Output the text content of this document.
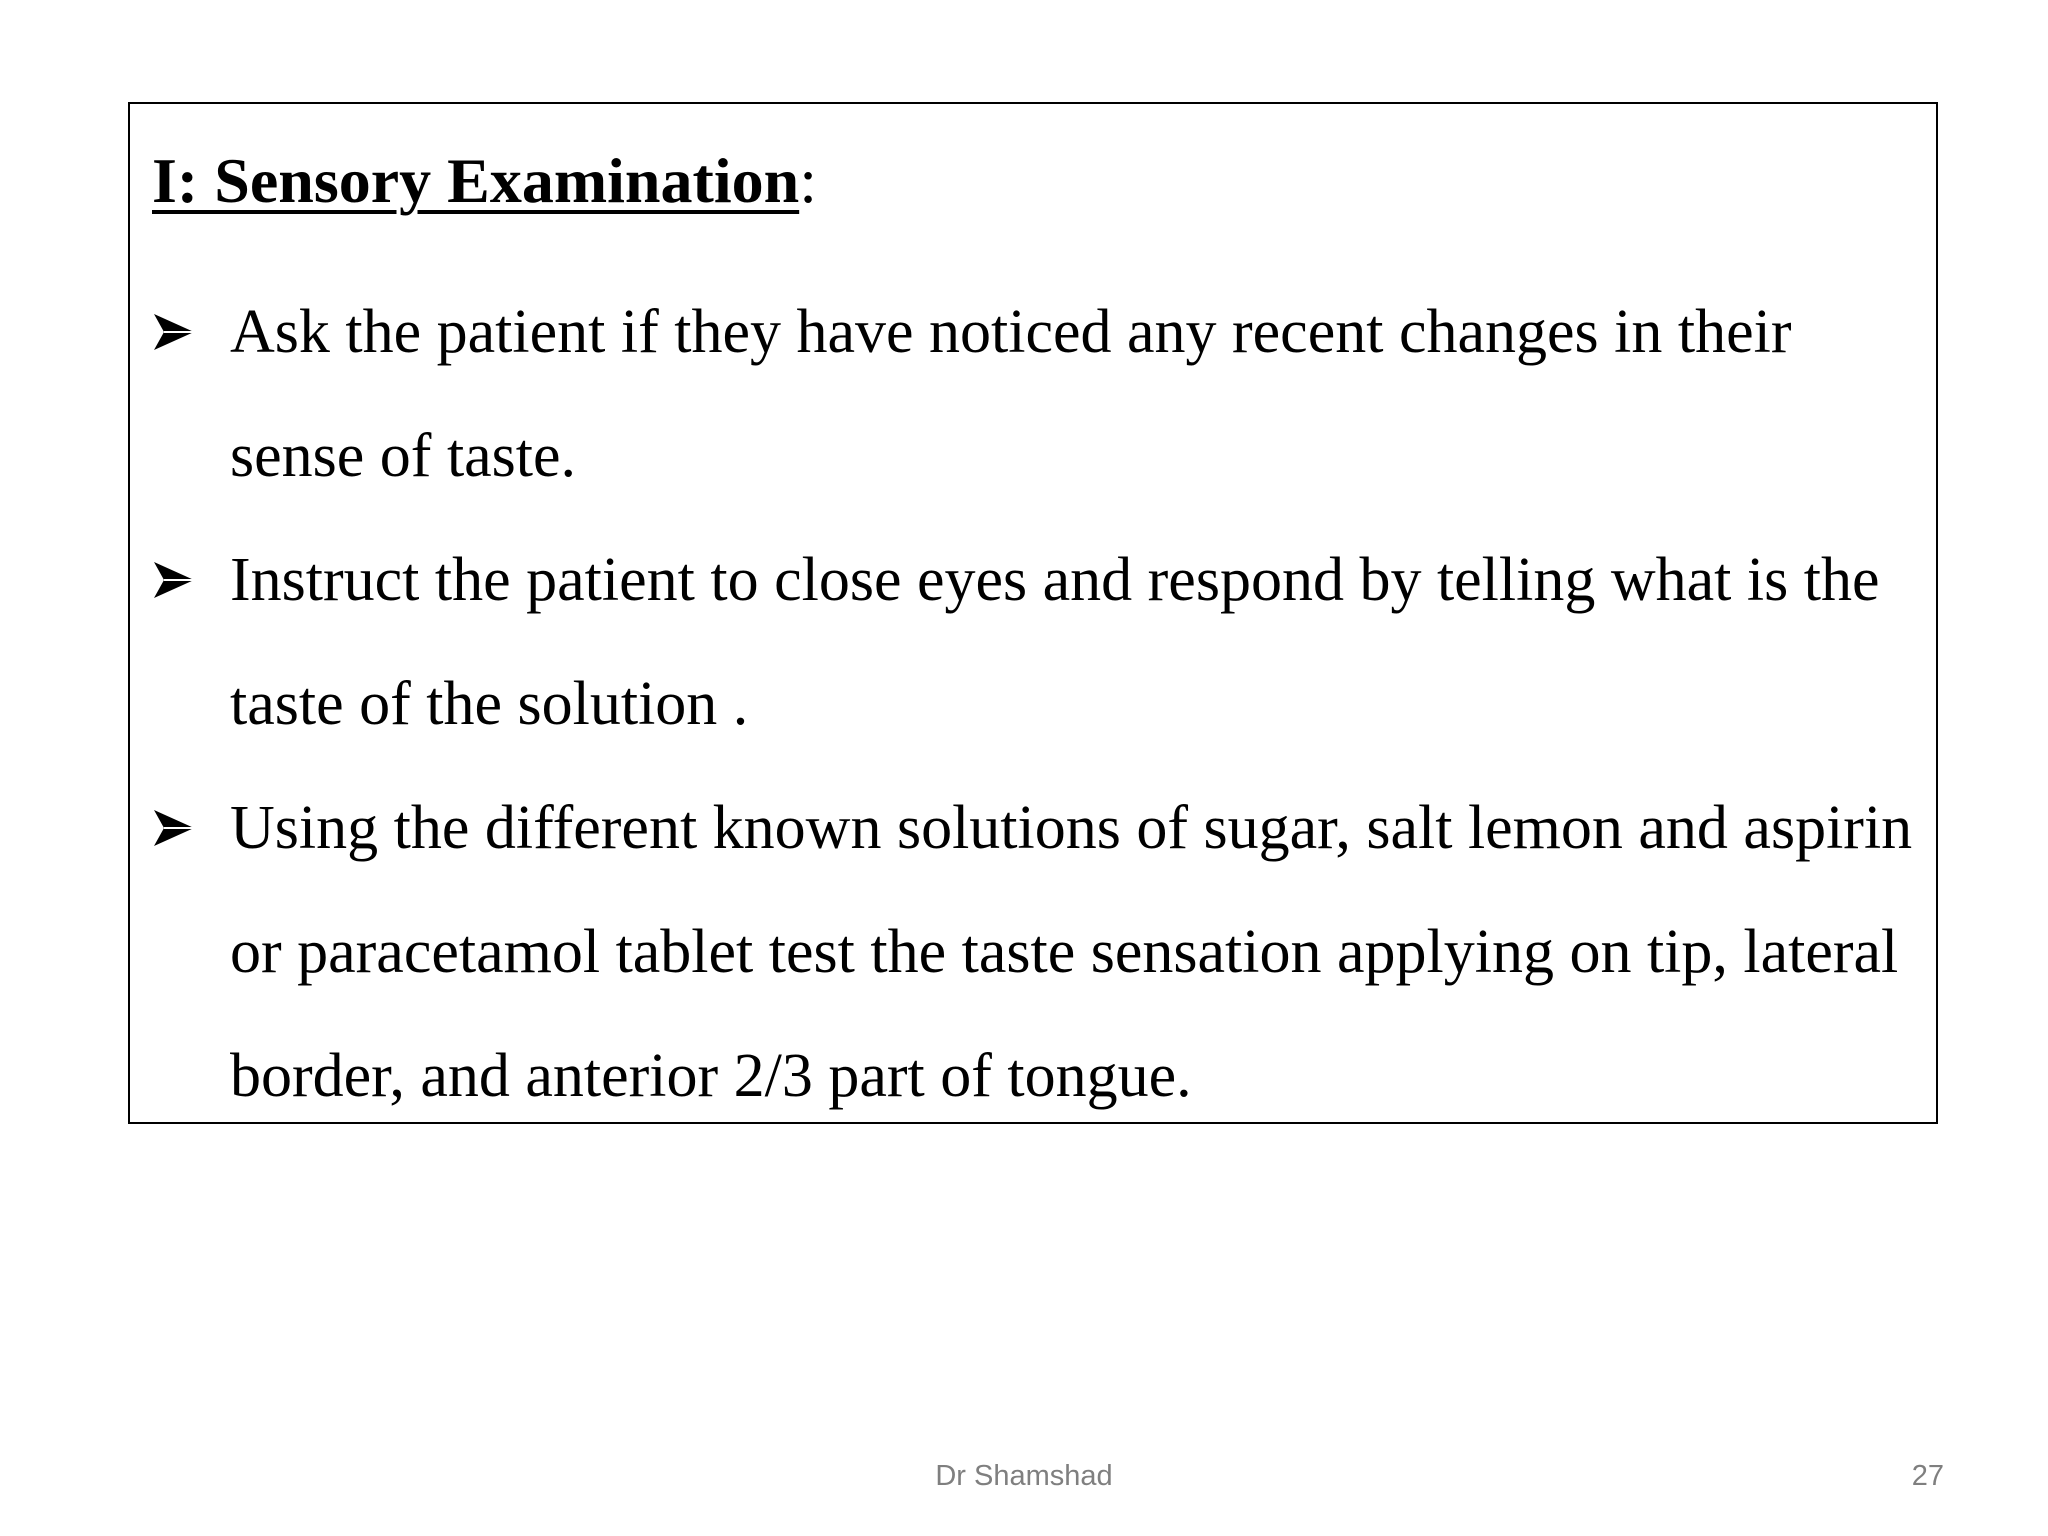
I: Sensory Examination:
Ask the patient if they have noticed any recent changes in their sense of taste.
Instruct the patient to close eyes and respond by telling what is the taste of the solution .
Using the different known solutions of sugar, salt lemon and aspirin or paracetamol tablet test the taste sensation applying on tip, lateral border, and anterior 2/3 part of tongue.
Dr Shamshad	27
